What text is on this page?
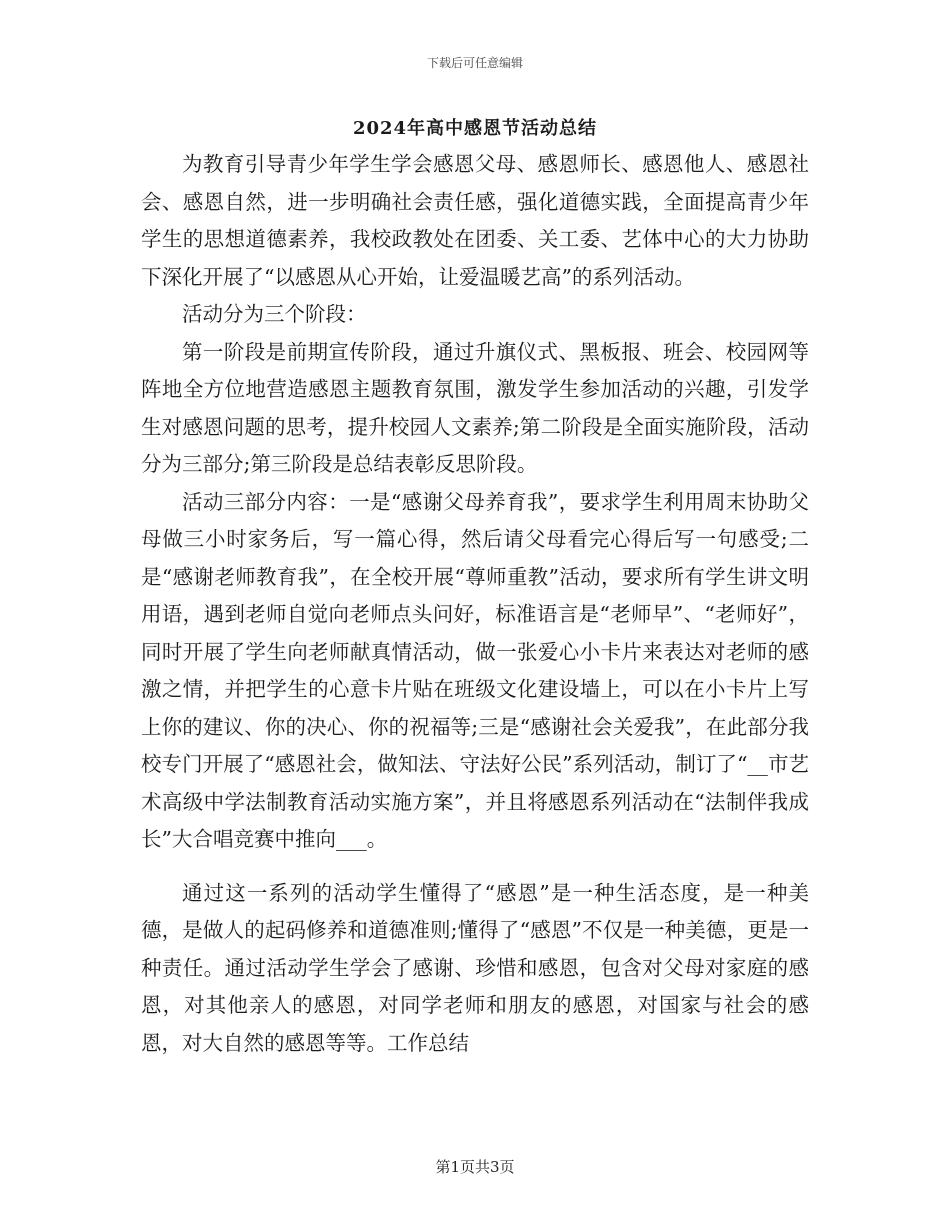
下载后可任意编辑
2024年高中感恩节活动总结

为教育引导青少年学生学会感恩父母、感恩师长、感恩他人、感恩社会、感恩自然，进一步明确社会责任感，强化道德实践，全面提高青少年学生的思想道德素养，我校政教处在团委、关工委、艺体中心的大力协助下深化开展了“以感恩从心开始，让爱温暖艺高”的系列活动。

活动分为三个阶段：

第一阶段是前期宣传阶段，通过升旗仪式、黑板报、班会、校园网等阵地全方位地营造感恩主题教育氛围，激发学生参加活动的兴趣，引发学生对感恩问题的思考，提升校园人文素养;第二阶段是全面实施阶段，活动分为三部分;第三阶段是总结表彰反思阶段。

活动三部分内容：一是“感谢父母养育我”，要求学生利用周末协助父母做三小时家务后，写一篇心得，然后请父母看完心得后写一句感受;二是“感谢老师教育我”，在全校开展“尊师重教”活动，要求所有学生讲文明用语，遇到老师自觉向老师点头问好，标准语言是“老师早”、“老师好”，同时开展了学生向老师献真情活动，做一张爱心小卡片来表达对老师的感激之情，并把学生的心意卡片贴在班级文化建设墙上，可以在小卡片上写上你的建议、你的决心、你的祝福等;三是“感谢社会关爱我”，在此部分我校专门开展了“感恩社会，做知法、守法好公民”系列活动，制订了“__市艺术高级中学法制教育活动实施方案”，并且将感恩系列活动在“法制伴我成长”大合唱竞赛中推向___。

通过这一系列的活动学生懂得了“感恩”是一种生活态度，是一种美德，是做人的起码修养和道德准则;懂得了“感恩”不仅是一种美德，更是一种责任。通过活动学生学会了感谢、珍惜和感恩，包含对父母对家庭的感恩，对其他亲人的感恩，对同学老师和朋友的感恩，对国家与社会的感恩，对大自然的感恩等等。工作总结

第1页共3页
